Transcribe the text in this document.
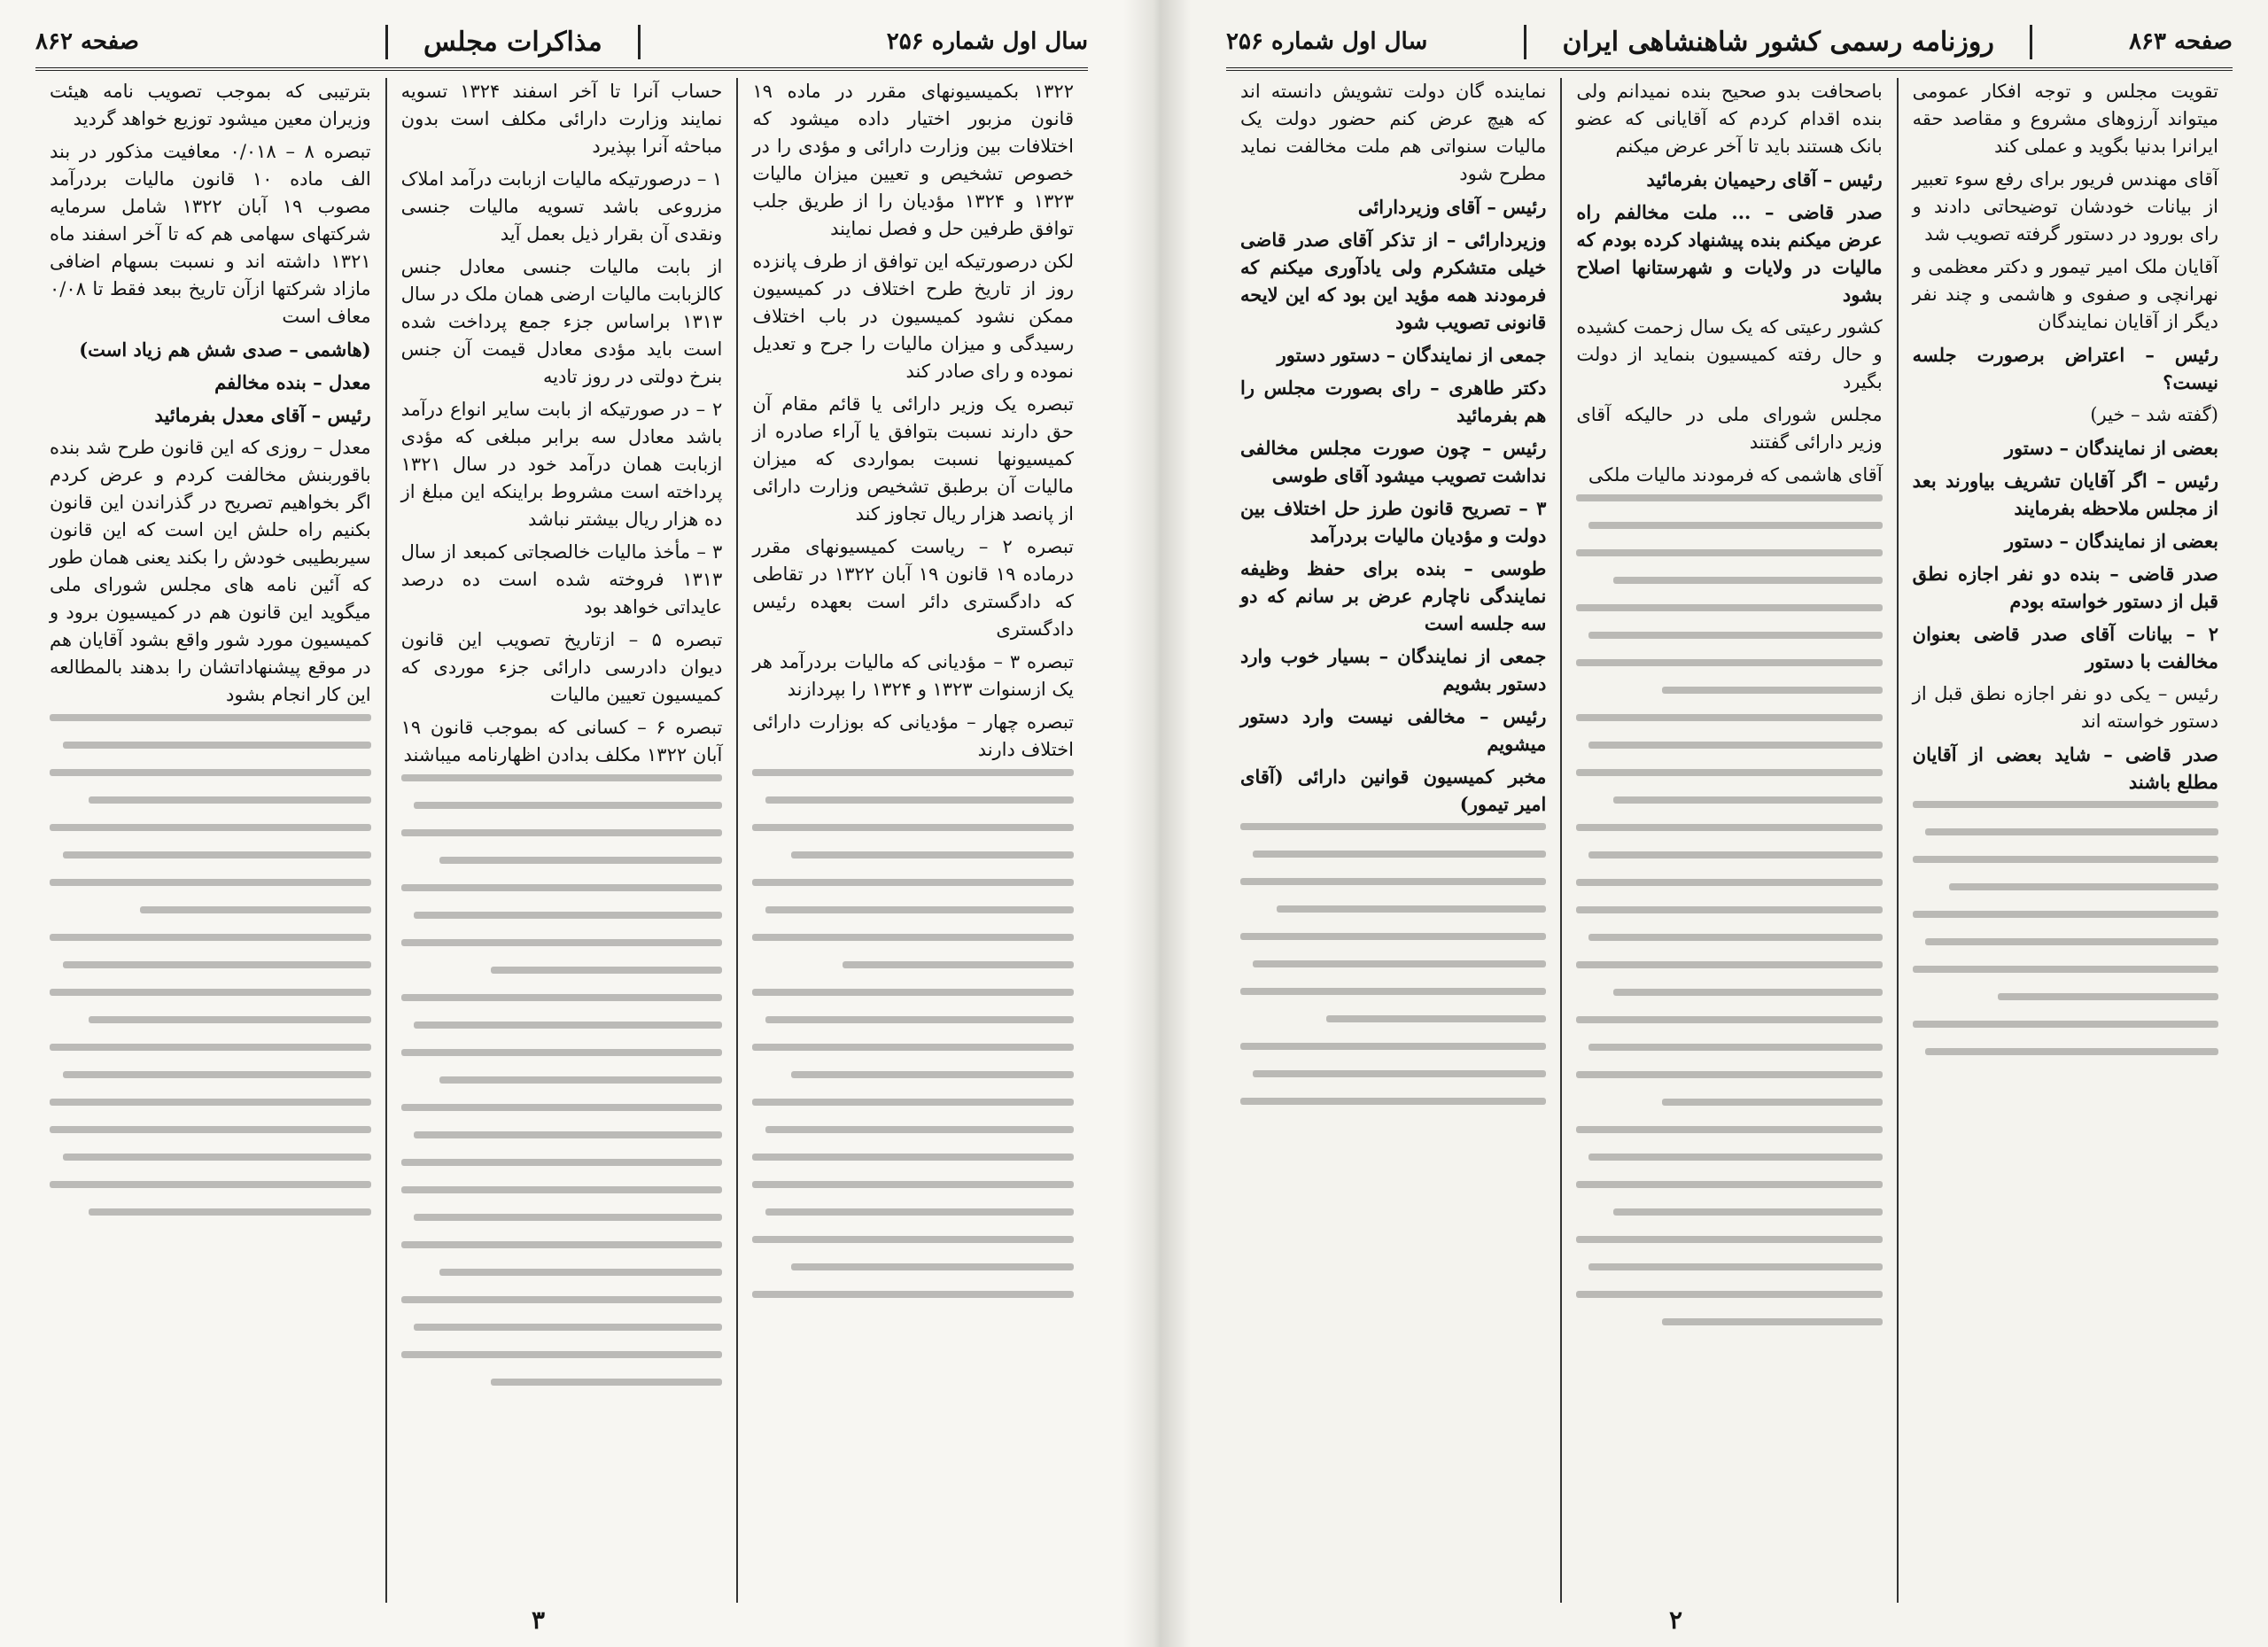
سال اول شماره ۲۵۶
مذاکرات مجلس
صفحه ۸۶۲

۱۳۲۲ بکمیسیونهای مقرر در ماده ۱۹ قانون مزبور اختیار داده میشود که اختلافات بین وزارت دارائی و مؤدی را در خصوص تشخیص و تعیین میزان مالیات ۱۳۲۳ و ۱۳۲۴ مؤدیان را از طریق جلب توافق طرفین حل و فصل نمایند

لکن درصورتیکه این توافق از طرف پانزده روز از تاریخ طرح اختلاف در کمیسیون ممکن نشود کمیسیون در باب اختلاف رسیدگی و میزان مالیات را جرح و تعدیل نموده و رای صادر کند

تبصره یک وزیر دارائی یا قائم مقام آن حق دارند نسبت بتوافق یا آراء صادره از کمیسیونها نسبت بمواردی که میزان مالیات آن برطبق تشخیص وزارت دارائی از پانصد هزار ریال تجاوز کند

تبصره ۲ – ریاست کمیسیونهای مقرر درماده ۱۹ قانون ۱۹ آبان ۱۳۲۲ در تقاطی که دادگستری دائر است بعهده رئیس دادگستری

تبصره ۳ – مؤدیانی که مالیات بردرآمد هر یک ازسنوات ۱۳۲۳ و ۱۳۲۴ را بپردازند

تبصره چهار – مؤدیانی که بوزارت دارائی اختلاف دارند

حساب آنرا تا آخر اسفند ۱۳۲۴ تسویه نمایند وزارت دارائی مکلف است بدون مباحثه آنرا بپذیرد

۱ – درصورتیکه مالیات ازبابت درآمد املاک مزروعی باشد تسویه مالیات جنسی ونقدی آن بقرار ذیل بعمل آید

از بابت مالیات جنسی معادل جنس کالزبابت مالیات ارضی همان ملک در سال ۱۳۱۳ براساس جزء جمع پرداخت شده است باید مؤدی معادل قیمت آن جنس بنرخ دولتی در روز تادیه

۲ – در صورتیکه از بابت سایر انواع درآمد باشد معادل سه برابر مبلغی که مؤدی ازبابت همان درآمد خود در سال ۱۳۲۱ پرداخته است مشروط براینکه این مبلغ از ده هزار ریال بیشتر نباشد

۳ – مأخذ مالیات خالصجاتی کمبعد از سال ۱۳۱۳ فروخته شده است ده درصد عایداتی خواهد بود

تبصره ۵ – ازتاریخ تصویب این قانون دیوان دادرسی دارائی جزء موردی که کمیسیون تعیین مالیات

تبصره ۶ – کسانی که بموجب قانون ۱۹ آبان ۱۳۲۲ مکلف بدادن اظهارنامه میباشند

بترتیبی که بموجب تصویب نامه هیئت وزیران معین میشود توزیع خواهد گردید

تبصره ۸ – ۰/۰۱۸ معافیت مذکور در بند الف ماده ۱۰ قانون مالیات بردرآمد مصوب ۱۹ آبان ۱۳۲۲ شامل سرمایه شرکتهای سهامی هم که تا آخر اسفند ماه ۱۳۲۱ داشته اند و نسبت بسهام اضافی مازاد شرکتها ازآن تاریخ ببعد فقط تا ۰/۰۸ معاف است

(هاشمی – صدی شش هم زیاد است)

معدل – بنده مخالفم

رئیس – آقای معدل بفرمائید

معدل – روزی که این قانون طرح شد بنده باقوربنش مخالفت کردم و عرض کردم اگر بخواهیم تصریح در گذراندن این قانون بکنیم راه حلش این است که این قانون سیربطیبی خودش را بکند یعنی همان طور که آئین نامه های مجلس شورای ملی میگوید این قانون هم در کمیسیون برود و کمیسیون مورد شور واقع بشود آقایان هم در موقع پیشنهاداتشان را بدهند بالمطالعه این کار انجام بشود

۳
صفحه ۸۶۳
روزنامه رسمی کشور شاهنشاهی ایران
سال اول شماره ۲۵۶

تقویت مجلس و توجه افکار عمومی میتواند آرزوهای مشروع و مقاصد حقه ایرانرا بدنیا بگوید و عملی کند

آقای مهندس فریور برای رفع سوء تعبیر از بیانات خودشان توضیحاتی دادند و رای بورود در دستور گرفته تصویب شد

آقایان ملک امیر تیمور و دکتر معظمی و نهرانچی و صفوی و هاشمی و چند نفر دیگر از آقایان نمایندگان

رئیس – اعتراض برصورت جلسه نیست؟

(گفته شد – خیر)

بعضی از نمایندگان – دستور

رئیس – اگر آقایان تشریف بیاورند بعد از مجلس ملاحظه بفرمایند

بعضی از نمایندگان – دستور

صدر قاضی – بنده دو نفر اجازه نطق قبل از دستور خواسته بودم

۲ – بیانات آقای صدر قاضی بعنوان مخالفت با دستور

رئیس – یکی دو نفر اجازه نطق قبل از دستور خواسته اند

صدر قاضی – شاید بعضی از آقایان مطلع باشند

باصحافت بدو صحیح بنده نمیدانم ولی بنده اقدام کردم که آقایانی که عضو بانک هستند باید تا آخر عرض میکنم

رئیس – آقای رحیمیان بفرمائید

صدر قاضی – ... ملت مخالفم راه عرض میکنم بنده پیشنهاد کرده بودم که مالیات در ولایات و شهرستانها اصلاح بشود

کشور رعیتی که یک سال زحمت کشیده و حال رفته کمیسیون بنماید از دولت بگیرد

مجلس شورای ملی در حالیکه آقای وزیر دارائی گفتند

آقای هاشمی که فرمودند مالیات ملکی

نماینده گان دولت تشویش دانسته اند که هیچ عرض کنم حضور دولت یک مالیات سنواتی هم ملت مخالفت نماید مطرح شود

رئیس – آقای وزیردارائی

وزیردارائی – از تذکر آقای صدر قاضی خیلی متشکرم ولی یادآوری میکنم که فرمودند همه مؤید این بود که این لایحه قانونی تصویب شود

جمعی از نمایندگان – دستور دستور

دکتر طاهری – رای بصورت مجلس را هم بفرمائید

رئیس – چون صورت مجلس مخالفی نداشت تصویب میشود آقای طوسی

۳ – تصریح قانون طرز حل اختلاف بین دولت و مؤدیان مالیات بردرآمد

طوسی – بنده برای حفظ وظیفه نمایندگی ناچارم عرض بر سانم که دو سه جلسه است

جمعی از نمایندگان – بسیار خوب وارد دستور بشویم

رئیس – مخالفی نیست وارد دستور میشویم

مخبر کمیسیون قوانین دارائی (آقای امیر تیمور)

۲
